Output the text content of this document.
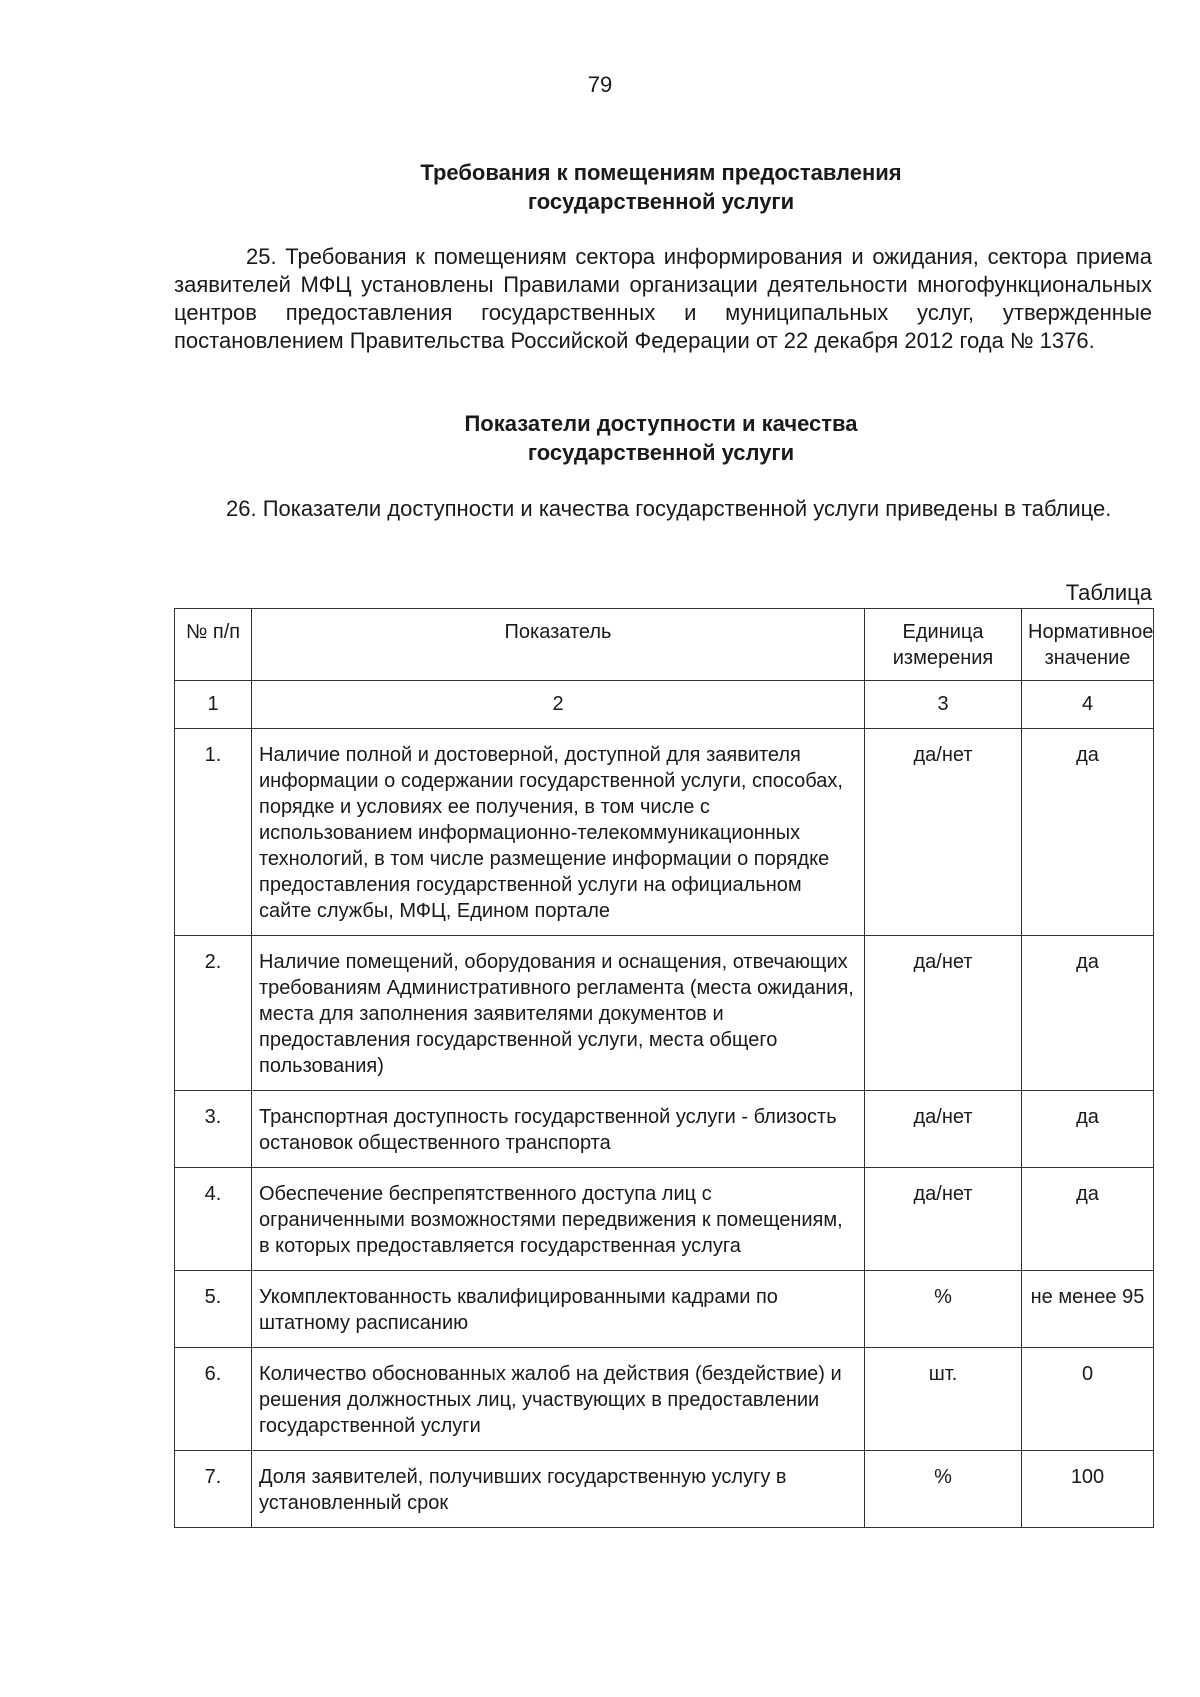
79
Требования к помещениям предоставления
государственной услуги
25. Требования к помещениям сектора информирования и ожидания, сектора приема заявителей МФЦ установлены Правилами организации деятельности многофункциональных центров предоставления государственных и муниципальных услуг, утвержденные постановлением Правительства Российской Федерации от 22 декабря 2012 года № 1376.
Показатели доступности и качества
государственной услуги
26. Показатели доступности и качества государственной услуги приведены в таблице.
Таблица
№ п/п	Показатель	Единица измерения	Нормативное значение
1	2	3	4
1.	Наличие полной и достоверной, доступной для заявителя информации о содержании государственной услуги, способах, порядке и условиях ее получения, в том числе с использованием информационно-телекоммуникационных технологий, в том числе размещение информации о порядке предоставления государственной услуги на официальном сайте службы, МФЦ, Едином портале	да/нет	да
2.	Наличие помещений, оборудования и оснащения, отвечающих требованиям Административного регламента (места ожидания, места для заполнения заявителями документов и предоставления государственной услуги, места общего пользования)	да/нет	да
3.	Транспортная доступность государственной услуги - близость остановок общественного транспорта	да/нет	да
4.	Обеспечение беспрепятственного доступа лиц с ограниченными возможностями передвижения к помещениям, в которых предоставляется государственная услуга	да/нет	да
5.	Укомплектованность квалифицированными кадрами по штатному расписанию	%	не менее 95
6.	Количество обоснованных жалоб на действия (бездействие) и решения должностных лиц, участвующих в предоставлении государственной услуги	шт.	0
7.	Доля заявителей, получивших государственную услугу в установленный срок	%	100
